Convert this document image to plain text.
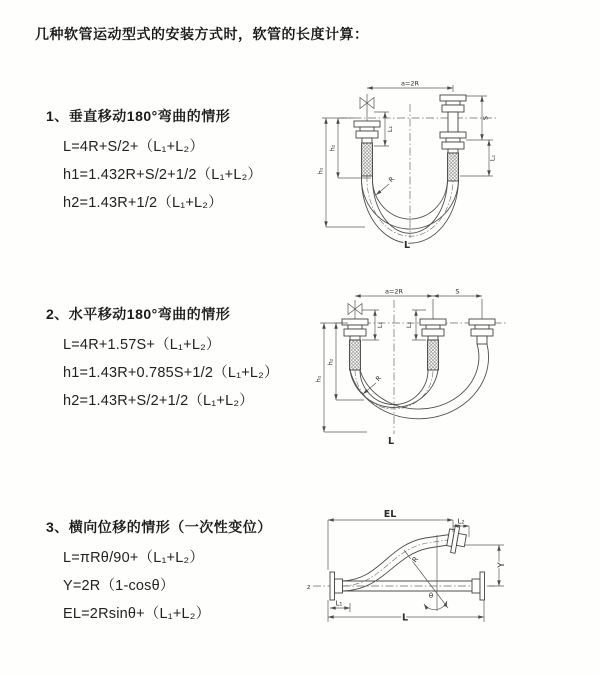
几种软管运动型式的安装方式时，软管的长度计算：
1、垂直移动180°弯曲的情形
L=4R+S/2+（L₁+L₂）
h1=1.432R+S/2+1/2（L₁+L₂）
h2=1.43R+1/2（L₁+L₂）
2、水平移动180°弯曲的情形
L=4R+1.57S+（L₁+L₂）
h1=1.43R+0.785S+1/2（L₁+L₂）
h2=1.43R+S/2+1/2（L₁+L₂）
3、横向位移的情形（一次性变位）
L=πRθ/90+（L₁+L₂）
Y=2R（1-cosθ）
EL=2Rsinθ+（L₁+L₂）
a=2R
S
L₂
L₁
h₂
h₁
R
L
a=2R	S
L₁	L₂
h₂
h₁	R
L
z
EL
L₂
Y
θ
R
L
L₁
